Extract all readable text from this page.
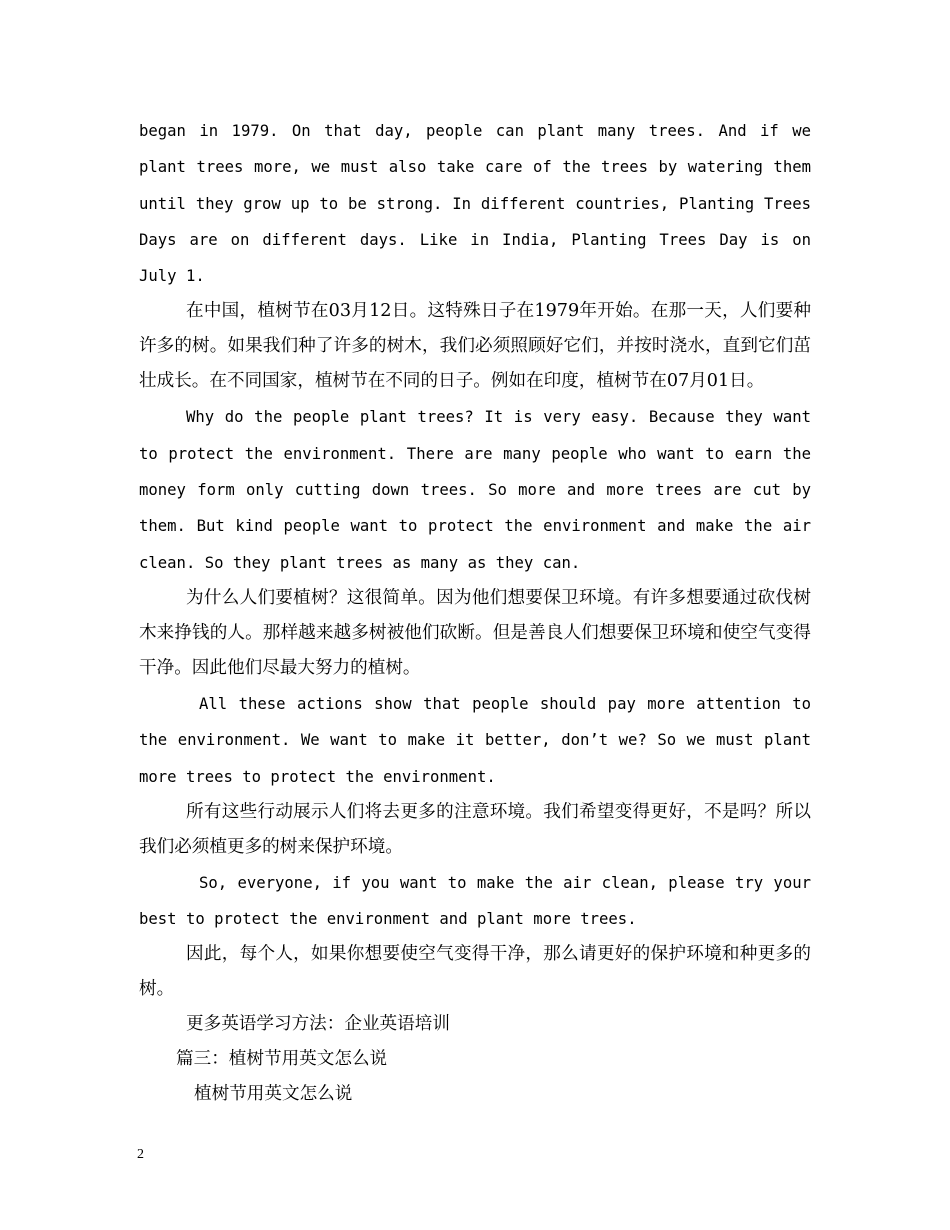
began in 1979. On that day, people can plant many trees. And if we plant trees more, we must also take care of the trees by watering them until they grow up to be strong. In different countries, Planting Trees Days are on different days. Like in India, Planting Trees Day is on July 1.

在中国，植树节在03月12日。这特殊日子在1979年开始。在那一天，人们要种许多的树。如果我们种了许多的树木，我们必须照顾好它们，并按时浇水，直到它们茁壮成长。在不同国家，植树节在不同的日子。例如在印度，植树节在07月01日。

Why do the people plant trees? It is very easy. Because they want to protect the environment. There are many people who want to earn the money form only cutting down trees. So more and more trees are cut by them. But kind people want to protect the environment and make the air clean. So they plant trees as many as they can.

为什么人们要植树？这很简单。因为他们想要保卫环境。有许多想要通过砍伐树木来挣钱的人。那样越来越多树被他们砍断。但是善良人们想要保卫环境和使空气变得干净。因此他们尽最大努力的植树。

All these actions show that people should pay more attention to the environment. We want to make it better, don’t we? So we must plant more trees to protect the environment.

所有这些行动展示人们将去更多的注意环境。我们希望变得更好，不是吗？所以我们必须植更多的树来保护环境。

So, everyone, if you want to make the air clean, please try your best to protect the environment and plant more trees.

因此，每个人，如果你想要使空气变得干净，那么请更好的保护环境和种更多的树。

更多英语学习方法：企业英语培训

篇三：植树节用英文怎么说

植树节用英文怎么说

2
